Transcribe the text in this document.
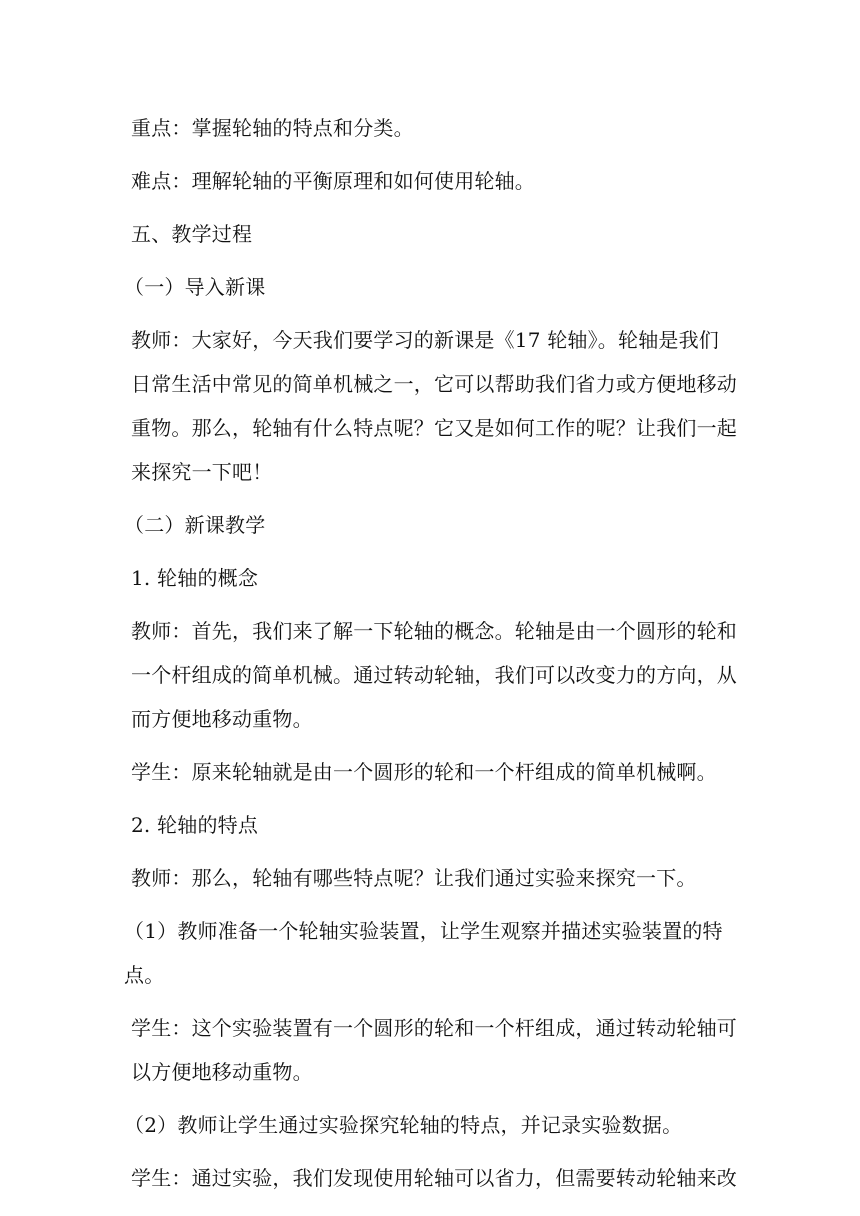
重点：掌握轮轴的特点和分类。

难点：理解轮轴的平衡原理和如何使用轮轴。

五、教学过程

（一）导入新课

教师：大家好，今天我们要学习的新课是《17 轮轴》。轮轴是我们日常生活中常见的简单机械之一，它可以帮助我们省力或方便地移动重物。那么，轮轴有什么特点呢？它又是如何工作的呢？让我们一起来探究一下吧！

（二）新课教学

1. 轮轴的概念

教师：首先，我们来了解一下轮轴的概念。轮轴是由一个圆形的轮和一个杆组成的简单机械。通过转动轮轴，我们可以改变力的方向，从而方便地移动重物。

学生：原来轮轴就是由一个圆形的轮和一个杆组成的简单机械啊。

2. 轮轴的特点

教师：那么，轮轴有哪些特点呢？让我们通过实验来探究一下。

（1）教师准备一个轮轴实验装置，让学生观察并描述实验装置的特点。

学生：这个实验装置有一个圆形的轮和一个杆组成，通过转动轮轴可以方便地移动重物。

（2）教师让学生通过实验探究轮轴的特点，并记录实验数据。

学生：通过实验，我们发现使用轮轴可以省力，但需要转动轮轴来改
